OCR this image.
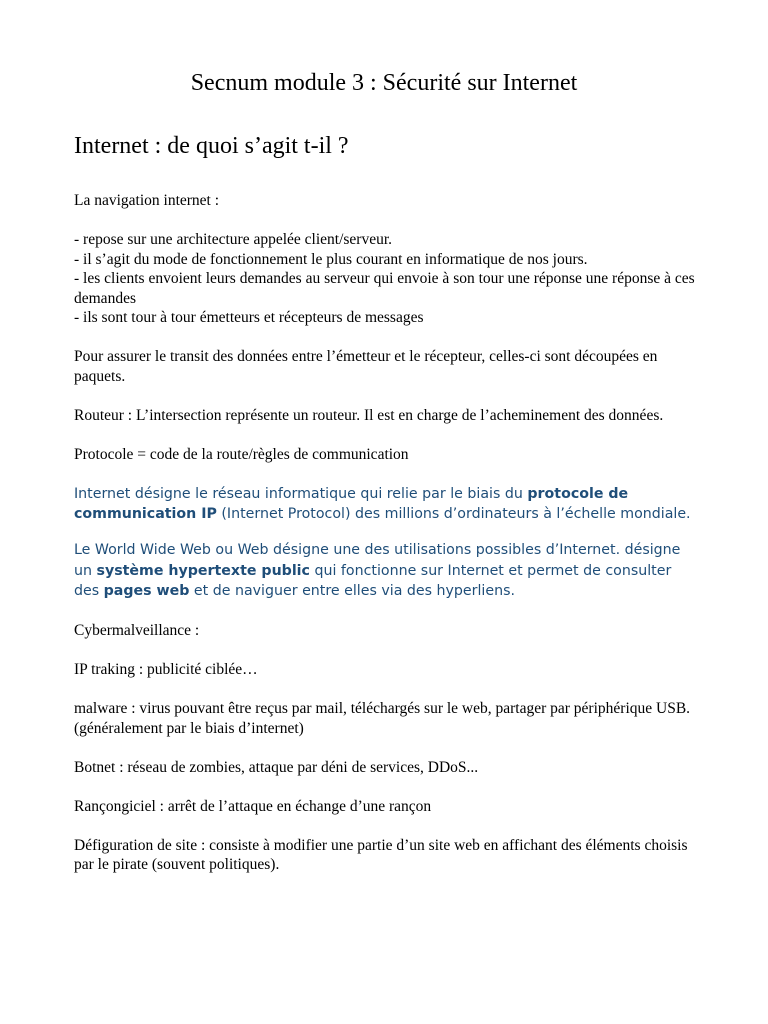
Secnum module 3 : Sécurité sur Internet
Internet : de quoi s’agit t-il ?

La navigation internet :

- repose sur une architecture appelée client/serveur.
- il s’agit du mode de fonctionnement le plus courant en informatique de nos jours.
- les clients envoient leurs demandes au serveur qui envoie à son tour une réponse une réponse à ces demandes
- ils sont tour à tour émetteurs et récepteurs de messages

Pour assurer le transit des données entre l’émetteur et le récepteur, celles-ci sont découpées en paquets.

Routeur : L’intersection représente un routeur. Il est en charge de l’acheminement des données.

Protocole = code de la route/règles de communication

Internet désigne le réseau informatique qui relie par le biais du protocole de communication IP (Internet Protocol) des millions d’ordinateurs à l’échelle mondiale.

Le World Wide Web ou Web désigne une des utilisations possibles d’Internet. désigne un système hypertexte public qui fonctionne sur Internet et permet de consulter des pages web et de naviguer entre elles via des hyperliens.

Cybermalveillance :

IP traking : publicité ciblée…

malware : virus pouvant être reçus par mail, téléchargés sur le web, partager par périphérique USB. (généralement par le biais d’internet)

Botnet : réseau de zombies, attaque par déni de services, DDoS...

Rançongiciel : arrêt de l’attaque en échange d’une rançon

Défiguration de site : consiste à modifier une partie d’un site web en affichant des éléments choisis par le pirate (souvent politiques).
